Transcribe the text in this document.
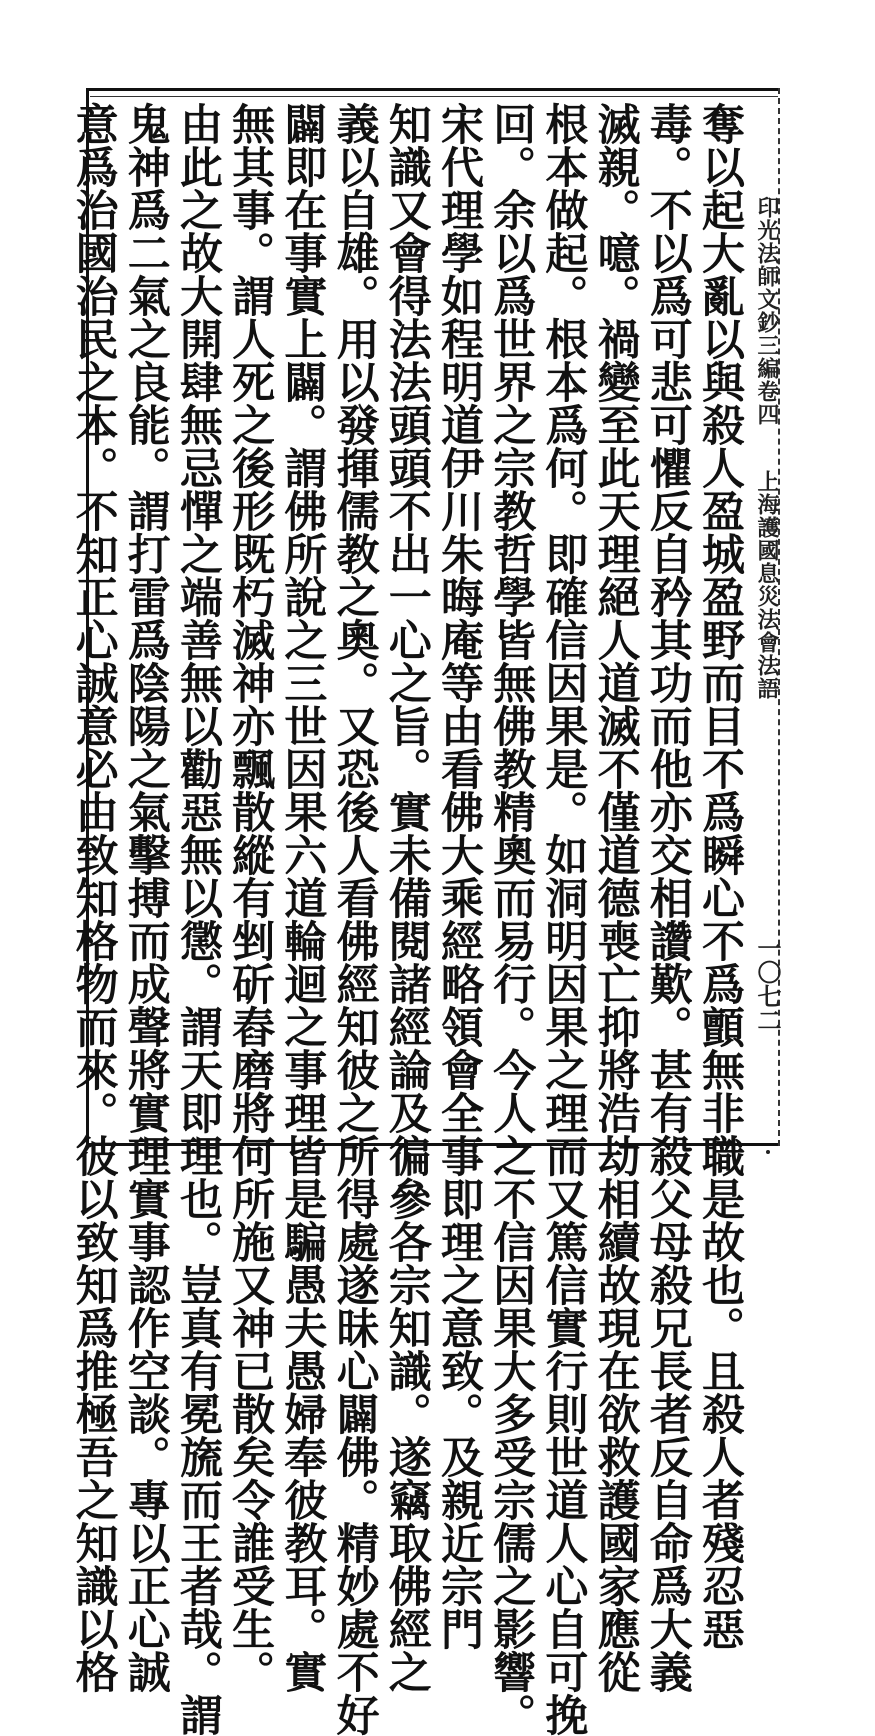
印光法師文鈔三編卷四
上海護國息災法會法語
一〇七二
奪以起大亂以與殺人盈城盈野而目不爲瞬心不爲顫無非職是故也。且殺人者殘忍惡
毒。不以爲可悲可懼反自矜其功而他亦交相讚歎。甚有殺父母殺兄長者反自命爲大義
滅親。噫。禍變至此天理絕人道滅不僅道德喪亡抑將浩劫相續故現在欲救護國家應從
根本做起。根本爲何。即確信因果是。如洞明因果之理而又篤信實行則世道人心自可挽
回。余以爲世界之宗教哲學皆無佛教精奧而易行。今人之不信因果大多受宗儒之影響。
宋代理學如程明道伊川朱晦庵等由看佛大乘經略領會全事即理之意致。及親近宗門
知識又會得法法頭頭不出一心之旨。實未備閱諸經論及徧參各宗知識。遂竊取佛經之
義以自雄。用以發揮儒教之奧。又恐後人看佛經知彼之所得處遂昧心闢佛。精妙處不好
闢即在事實上闢。謂佛所說之三世因果六道輪迴之事理皆是騙愚夫愚婦奉彼教耳。實
無其事。謂人死之後形既朽滅神亦飄散縱有剉斫舂磨將何所施又神已散矣令誰受生。
由此之故大開肆無忌憚之端善無以勸惡無以懲。謂天即理也。豈真有冕旒而王者哉。謂
鬼神爲二氣之良能。謂打雷爲陰陽之氣擊搏而成聲將實理實事認作空談。專以正心誠
意爲治國治民之本。不知正心誠意必由致知格物而來。彼以致知爲推極吾之知識以格
